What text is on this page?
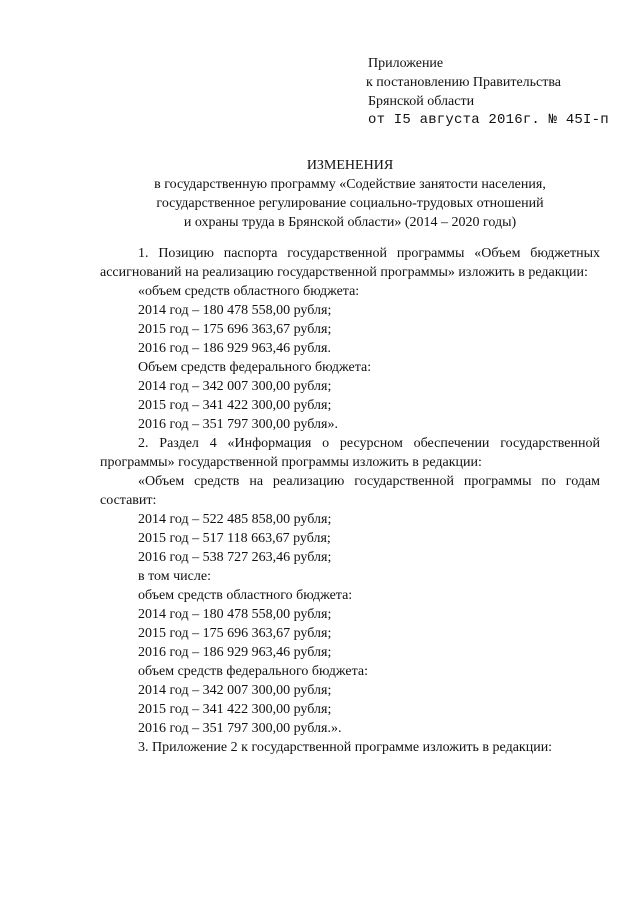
Приложение
к постановлению Правительства
Брянской области
от I5 августа 2016г. № 45I-п
ИЗМЕНЕНИЯ
в государственную программу «Содействие занятости населения,
государственное регулирование социально-трудовых отношений
и охраны труда в Брянской области» (2014 – 2020 годы)
1. Позицию паспорта государственной программы «Объем бюджетных ассигнований на реализацию государственной программы» изложить в редакции:
«объем средств областного бюджета:
2014 год – 180 478 558,00 рубля;
2015 год – 175 696 363,67 рубля;
2016 год – 186 929 963,46 рубля.
Объем средств федерального бюджета:
2014 год – 342 007 300,00 рубля;
2015 год – 341 422 300,00 рубля;
2016 год – 351 797 300,00 рубля».
2. Раздел 4 «Информация о ресурсном обеспечении государственной программы» государственной программы изложить в редакции:
«Объем средств на реализацию государственной программы по годам составит:
2014 год – 522 485 858,00 рубля;
2015 год – 517 118 663,67 рубля;
2016 год – 538 727 263,46 рубля;
в том числе:
объем средств областного бюджета:
2014 год – 180 478 558,00 рубля;
2015 год – 175 696 363,67 рубля;
2016 год – 186 929 963,46 рубля;
объем средств федерального бюджета:
2014 год – 342 007 300,00 рубля;
2015 год – 341 422 300,00 рубля;
2016 год – 351 797 300,00 рубля.».
3. Приложение 2 к государственной программе изложить в редакции:
